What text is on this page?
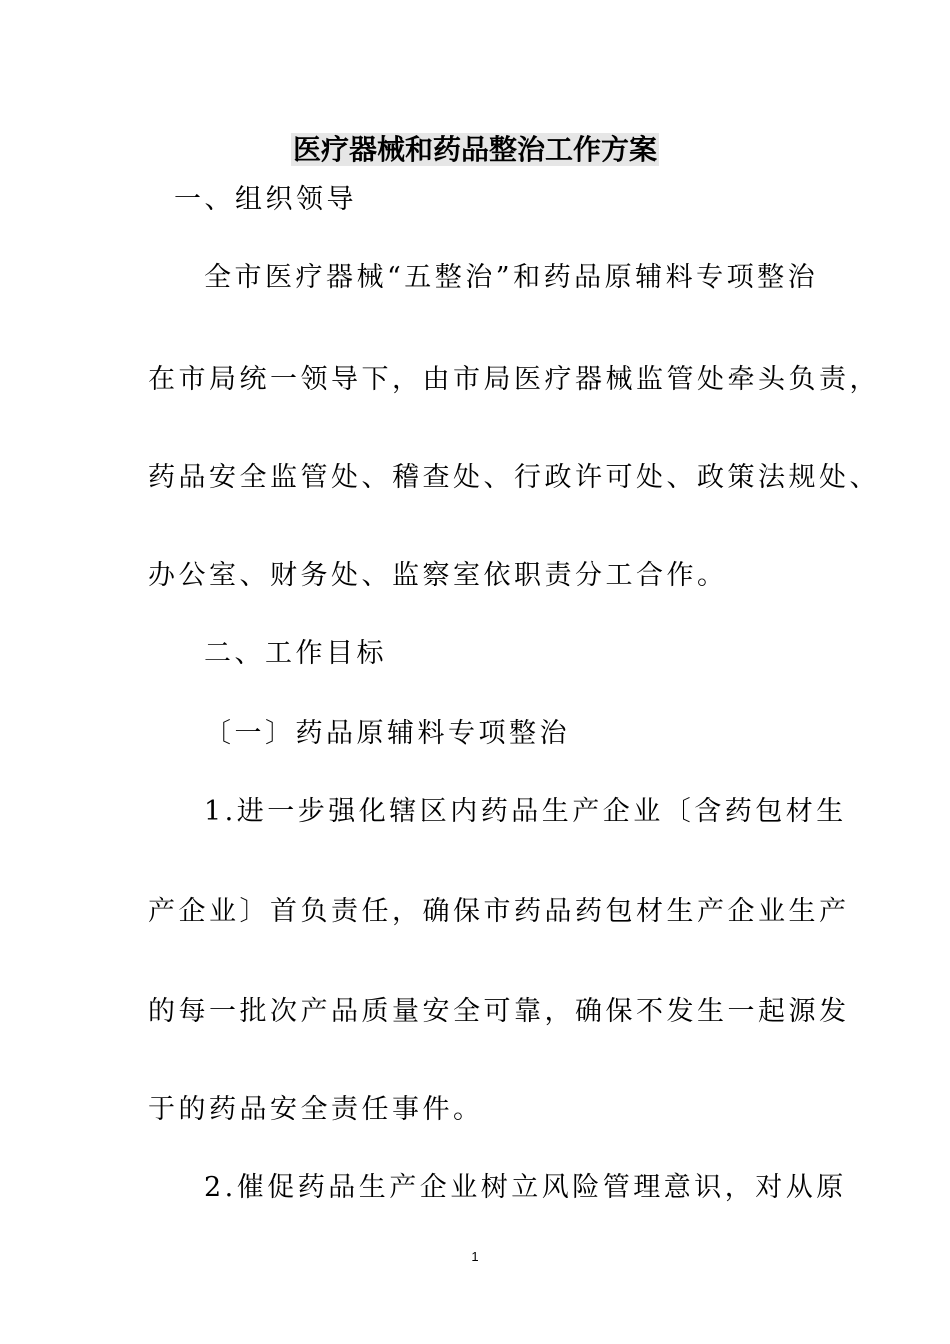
医疗器械和药品整治工作方案
一、组织领导
全市医疗器械“五整治”和药品原辅料专项整治
在市局统一领导下，由市局医疗器械监管处牵头负责，
药品安全监管处、稽查处、行政许可处、政策法规处、
办公室、财务处、监察室依职责分工合作。
二、工作目标
〔一〕药品原辅料专项整治
1.进一步强化辖区内药品生产企业〔含药包材生
产企业〕首负责任，确保市药品药包材生产企业生产
的每一批次产品质量安全可靠，确保不发生一起源发
于的药品安全责任事件。
2.催促药品生产企业树立风险管理意识，对从原
1
